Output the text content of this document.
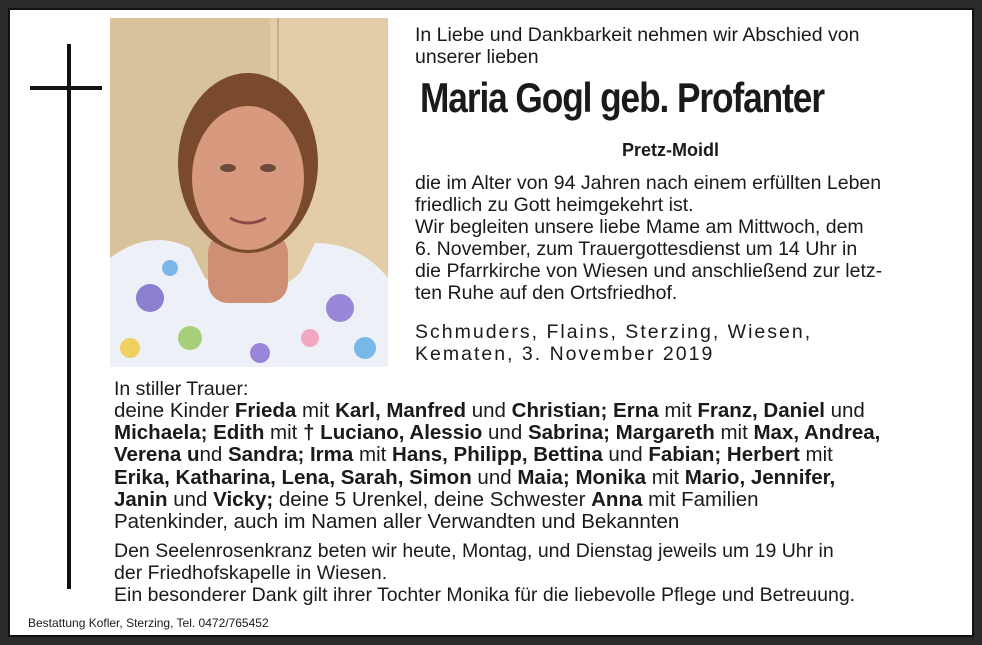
In Liebe und Dankbarkeit nehmen wir Abschied von
unserer lieben
Maria Gogl geb. Profanter
Pretz-Moidl
die im Alter von 94 Jahren nach einem erfüllten Leben
friedlich zu Gott heimgekehrt ist.
Wir begleiten unsere liebe Mame am Mittwoch, dem
6. November, zum Trauergottesdienst um 14 Uhr in
die Pfarrkirche von Wiesen und anschließend zur letz-
ten Ruhe auf den Ortsfriedhof.
Schmuders, Flains, Sterzing, Wiesen,
Kematen, 3. November 2019
In stiller Trauer:
deine Kinder Frieda mit Karl, Manfred und Christian; Erna mit Franz, Daniel und
Michaela; Edith mit † Luciano, Alessio und Sabrina; Margareth mit Max, Andrea,
Verena und Sandra; Irma mit Hans, Philipp, Bettina und Fabian; Herbert mit
Erika, Katharina, Lena, Sarah, Simon und Maia; Monika mit Mario, Jennifer,
Janin und Vicky; deine 5 Urenkel, deine Schwester Anna mit Familien
Patenkinder, auch im Namen aller Verwandten und Bekannten
Den Seelenrosenkranz beten wir heute, Montag, und Dienstag jeweils um 19 Uhr in
der Friedhofskapelle in Wiesen.
Ein besonderer Dank gilt ihrer Tochter Monika für die liebevolle Pflege und Betreuung.
Bestattung Kofler, Sterzing, Tel. 0472/765452
